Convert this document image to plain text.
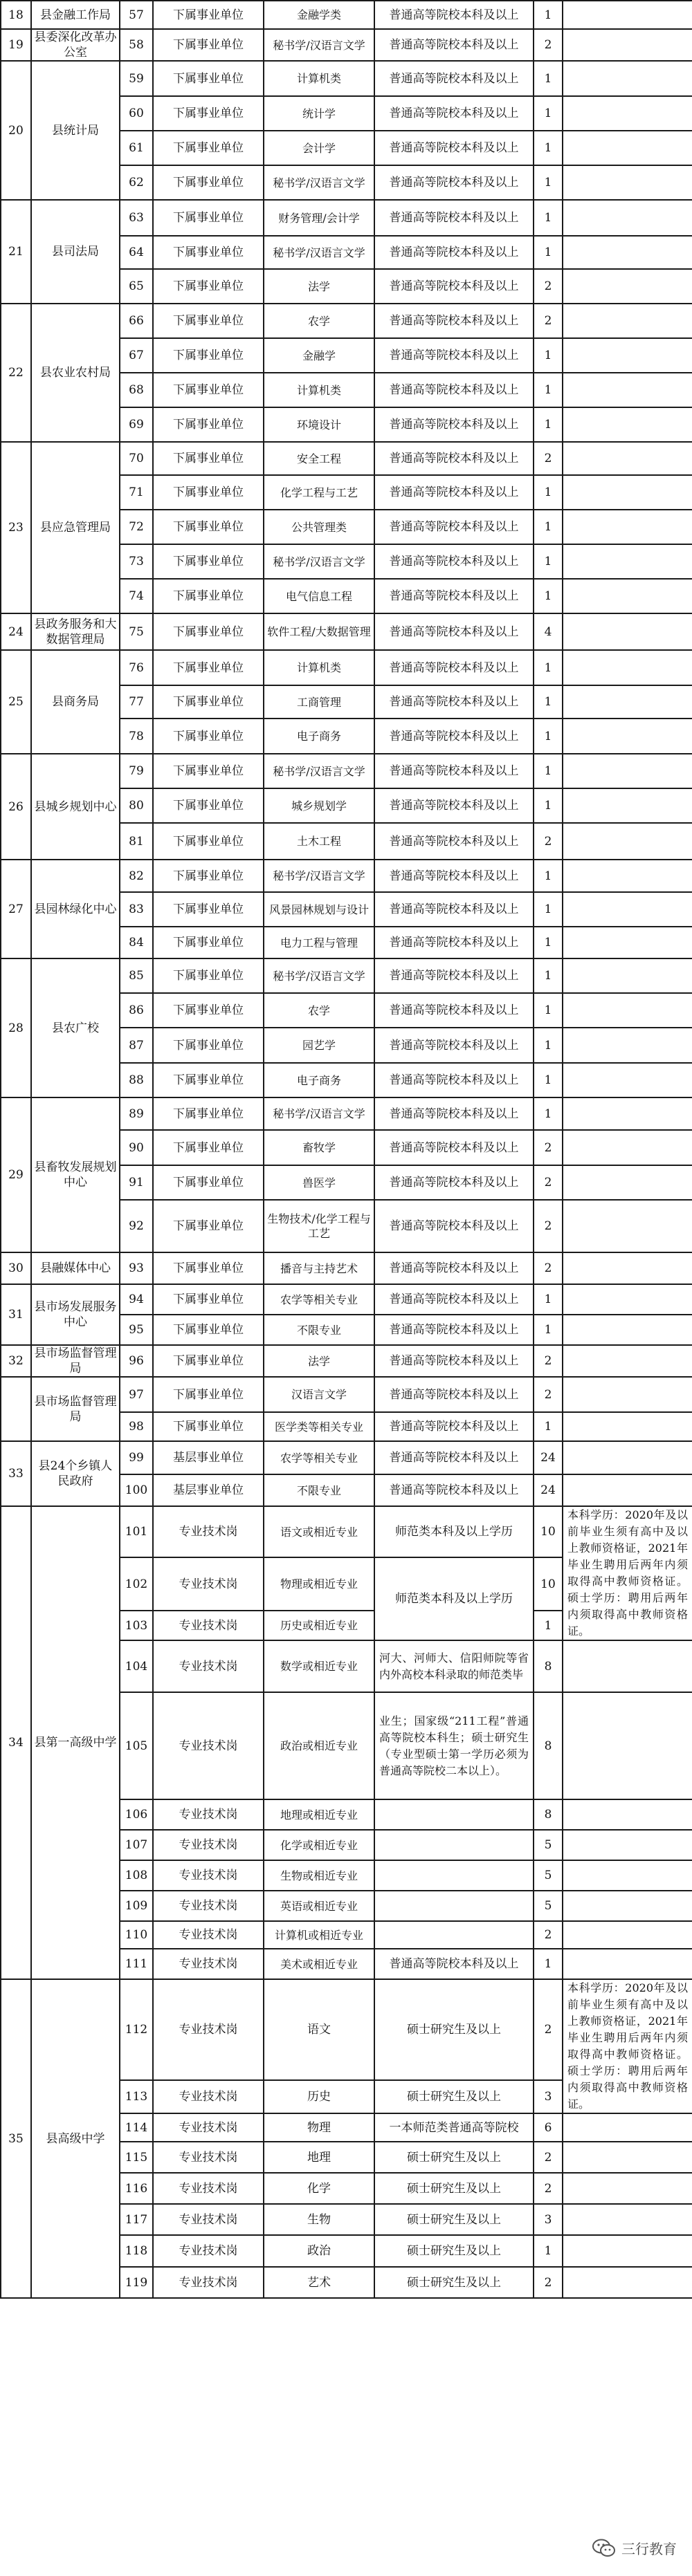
18	县金融工作局	57	下属事业单位	金融学类	普通高等院校本科及以上	1	
19	县委深化改革办公室	58	下属事业单位	秘书学/汉语言文学	普通高等院校本科及以上	2	
20	县统计局	59	下属事业单位	计算机类	普通高等院校本科及以上	1	
		60	下属事业单位	统计学	普通高等院校本科及以上	1	
		61	下属事业单位	会计学	普通高等院校本科及以上	1	
		62	下属事业单位	秘书学/汉语言文学	普通高等院校本科及以上	1	
21	县司法局	63	下属事业单位	财务管理/会计学	普通高等院校本科及以上	1	
		64	下属事业单位	秘书学/汉语言文学	普通高等院校本科及以上	1	
		65	下属事业单位	法学	普通高等院校本科及以上	2	
22	县农业农村局	66	下属事业单位	农学	普通高等院校本科及以上	2	
		67	下属事业单位	金融学	普通高等院校本科及以上	1	
		68	下属事业单位	计算机类	普通高等院校本科及以上	1	
		69	下属事业单位	环境设计	普通高等院校本科及以上	1	
23	县应急管理局	70	下属事业单位	安全工程	普通高等院校本科及以上	2	
		71	下属事业单位	化学工程与工艺	普通高等院校本科及以上	1	
		72	下属事业单位	公共管理类	普通高等院校本科及以上	1	
		73	下属事业单位	秘书学/汉语言文学	普通高等院校本科及以上	1	
		74	下属事业单位	电气信息工程	普通高等院校本科及以上	1	
24	县政务服务和大数据管理局	75	下属事业单位	软件工程/大数据管理	普通高等院校本科及以上	4	
25	县商务局	76	下属事业单位	计算机类	普通高等院校本科及以上	1	
		77	下属事业单位	工商管理	普通高等院校本科及以上	1	
		78	下属事业单位	电子商务	普通高等院校本科及以上	1	
26	县城乡规划中心	79	下属事业单位	秘书学/汉语言文学	普通高等院校本科及以上	1	
		80	下属事业单位	城乡规划学	普通高等院校本科及以上	1	
		81	下属事业单位	土木工程	普通高等院校本科及以上	2	
27	县园林绿化中心	82	下属事业单位	秘书学/汉语言文学	普通高等院校本科及以上	1	
		83	下属事业单位	风景园林规划与设计	普通高等院校本科及以上	1	
		84	下属事业单位	电力工程与管理	普通高等院校本科及以上	1	
28	县农广校	85	下属事业单位	秘书学/汉语言文学	普通高等院校本科及以上	1	
		86	下属事业单位	农学	普通高等院校本科及以上	1	
		87	下属事业单位	园艺学	普通高等院校本科及以上	1	
		88	下属事业单位	电子商务	普通高等院校本科及以上	1	
29	县畜牧发展规划中心	89	下属事业单位	秘书学/汉语言文学	普通高等院校本科及以上	1	
		90	下属事业单位	畜牧学	普通高等院校本科及以上	2	
		91	下属事业单位	兽医学	普通高等院校本科及以上	2	
		92	下属事业单位	生物技术/化学工程与工艺	普通高等院校本科及以上	2	
30	县融媒体中心	93	下属事业单位	播音与主持艺术	普通高等院校本科及以上	2	
31	县市场发展服务中心	94	下属事业单位	农学等相关专业	普通高等院校本科及以上	1	
		95	下属事业单位	不限专业	普通高等院校本科及以上	1	
32	县市场监督管理局	96	下属事业单位	法学	普通高等院校本科及以上	2	
	县市场监督管理局	97	下属事业单位	汉语言文学	普通高等院校本科及以上	2	
		98	下属事业单位	医学类等相关专业	普通高等院校本科及以上	1	
33	县24个乡镇人民政府	99	基层事业单位	农学等相关专业	普通高等院校本科及以上	24	
		100	基层事业单位	不限专业	普通高等院校本科及以上	24	
34	县第一高级中学	101	专业技术岗	语文或相近专业	师范类本科及以上学历	10	本科学历：2020年及以前毕业生须有高中及以上教师资格证，2021年毕业生聘用后两年内须取得高中教师资格证。硕士学历：聘用后两年内须取得高中教师资格证。
		102	专业技术岗	物理或相近专业	师范类本科及以上学历	10	
		103	专业技术岗	历史或相近专业		1	
		104	专业技术岗	数学或相近专业	河大、河师大、信阳师院等省内外高校本科录取的师范类毕	8	
		105	专业技术岗	政治或相近专业	业生；国家级“211工程”普通高等院校本科生；硕士研究生（专业型硕士第一学历必须为普通高等院校二本以上）。	8	
		106	专业技术岗	地理或相近专业		8	
		107	专业技术岗	化学或相近专业		5	
		108	专业技术岗	生物或相近专业		5	
		109	专业技术岗	英语或相近专业		5	
		110	专业技术岗	计算机或相近专业		2	
		111	专业技术岗	美术或相近专业	普通高等院校本科及以上	1	
35	县高级中学	112	专业技术岗	语文	硕士研究生及以上	2	本科学历：2020年及以前毕业生须有高中及以上教师资格证，2021年毕业生聘用后两年内须取得高中教师资格证。硕士学历：聘用后两年内须取得高中教师资格证。
		113	专业技术岗	历史	硕士研究生及以上	3	
		114	专业技术岗	物理	一本师范类普通高等院校	6	
		115	专业技术岗	地理	硕士研究生及以上	2	
		116	专业技术岗	化学	硕士研究生及以上	2	
		117	专业技术岗	生物	硕士研究生及以上	3	
		118	专业技术岗	政治	硕士研究生及以上	1	
		119	专业技术岗	艺术	硕士研究生及以上	2	
三行教育
